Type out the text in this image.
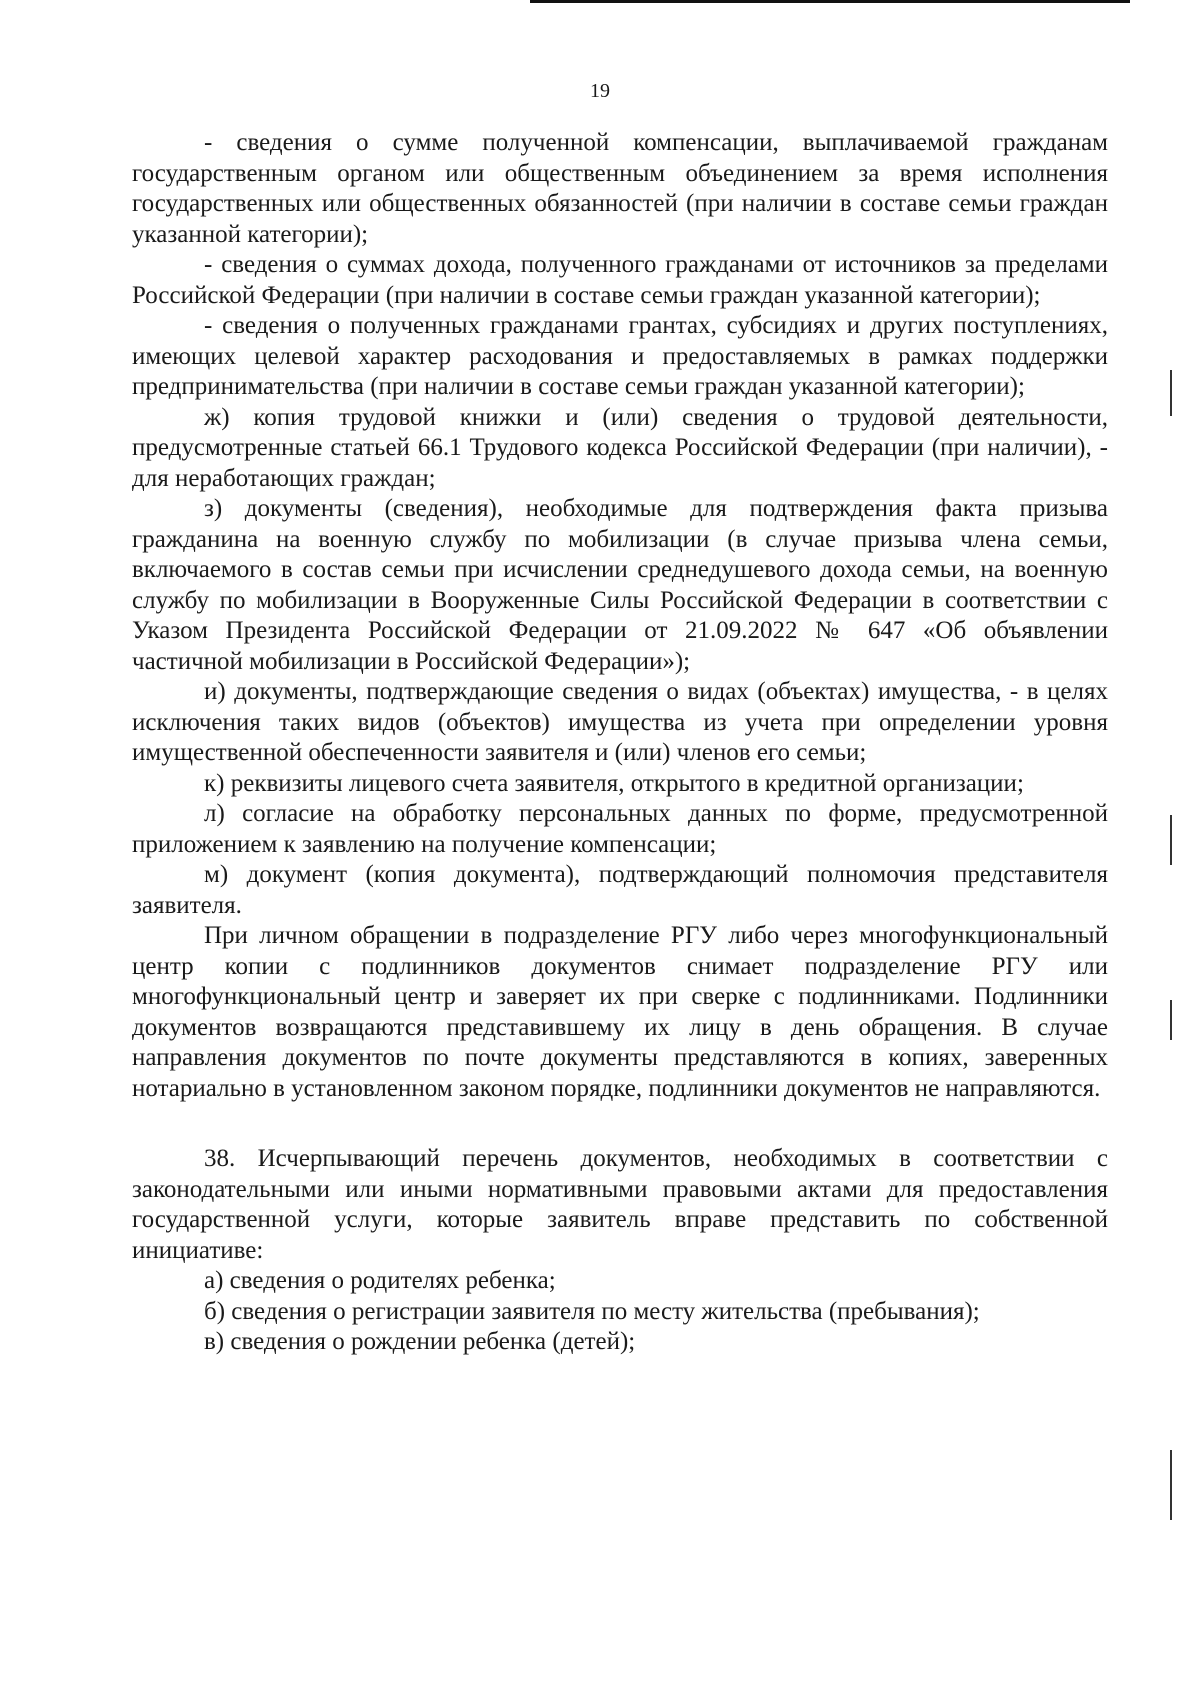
19

- сведения о сумме полученной компенсации, выплачиваемой гражданам государственным органом или общественным объединением за время исполнения государственных или общественных обязанностей (при наличии в составе семьи граждан указанной категории);

- сведения о суммах дохода, полученного гражданами от источников за пределами Российской Федерации (при наличии в составе семьи граждан указанной категории);

- сведения о полученных гражданами грантах, субсидиях и других поступлениях, имеющих целевой характер расходования и предоставляемых в рамках поддержки предпринимательства (при наличии в составе семьи граждан указанной категории);

ж) копия трудовой книжки и (или) сведения о трудовой деятельности, предусмотренные статьей 66.1 Трудового кодекса Российской Федерации (при наличии), - для неработающих граждан;

з) документы (сведения), необходимые для подтверждения факта призыва гражданина на военную службу по мобилизации (в случае призыва члена семьи, включаемого в состав семьи при исчислении среднедушевого дохода семьи, на военную службу по мобилизации в Вооруженные Силы Российской Федерации в соответствии с Указом Президента Российской Федерации от 21.09.2022 № 647 «Об объявлении частичной мобилизации в Российской Федерации»);

и) документы, подтверждающие сведения о видах (объектах) имущества, - в целях исключения таких видов (объектов) имущества из учета при определении уровня имущественной обеспеченности заявителя и (или) членов его семьи;

к) реквизиты лицевого счета заявителя, открытого в кредитной организации;

л) согласие на обработку персональных данных по форме, предусмотренной приложением к заявлению на получение компенсации;

м) документ (копия документа), подтверждающий полномочия представителя заявителя.

При личном обращении в подразделение РГУ либо через многофункциональный центр копии с подлинников документов снимает подразделение РГУ или многофункциональный центр и заверяет их при сверке с подлинниками. Подлинники документов возвращаются представившему их лицу в день обращения. В случае направления документов по почте документы представляются в копиях, заверенных нотариально в установленном законом порядке, подлинники документов не направляются.

38. Исчерпывающий перечень документов, необходимых в соответствии с законодательными или иными нормативными правовыми актами для предоставления государственной услуги, которые заявитель вправе представить по собственной инициативе:

а) сведения о родителях ребенка;

б) сведения о регистрации заявителя по месту жительства (пребывания);

в) сведения о рождении ребенка (детей);
